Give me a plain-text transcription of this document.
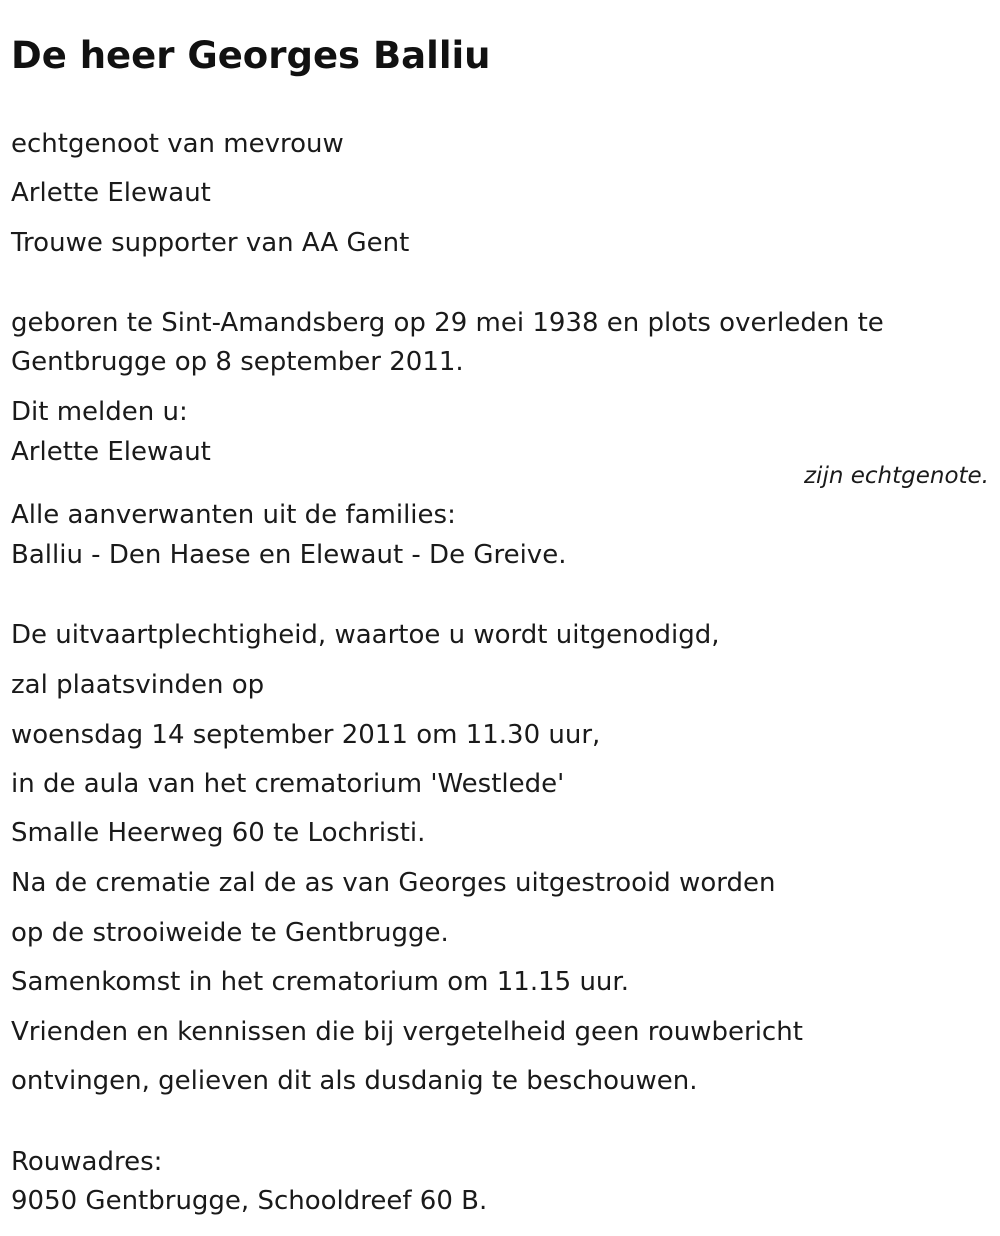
De heer Georges Balliu

echtgenoot van mevrouw

Arlette Elewaut

Trouwe supporter van AA Gent

geboren te Sint-Amandsberg op 29 mei 1938 en plots overleden te

Gentbrugge op 8 september 2011.

Dit melden u:

Arlette Elewaut

zijn echtgenote.

Alle aanverwanten uit de families:

Balliu - Den Haese en Elewaut - De Greive.

De uitvaartplechtigheid, waartoe u wordt uitgenodigd,

zal plaatsvinden op

woensdag 14 september 2011 om 11.30 uur,

in de aula van het crematorium 'Westlede'

Smalle Heerweg 60 te Lochristi.

Na de crematie zal de as van Georges uitgestrooid worden

op de strooiweide te Gentbrugge.

Samenkomst in het crematorium om 11.15 uur.

Vrienden en kennissen die bij vergetelheid geen rouwbericht

ontvingen, gelieven dit als dusdanig te beschouwen.

Rouwadres:

9050 Gentbrugge, Schooldreef 60 B.
